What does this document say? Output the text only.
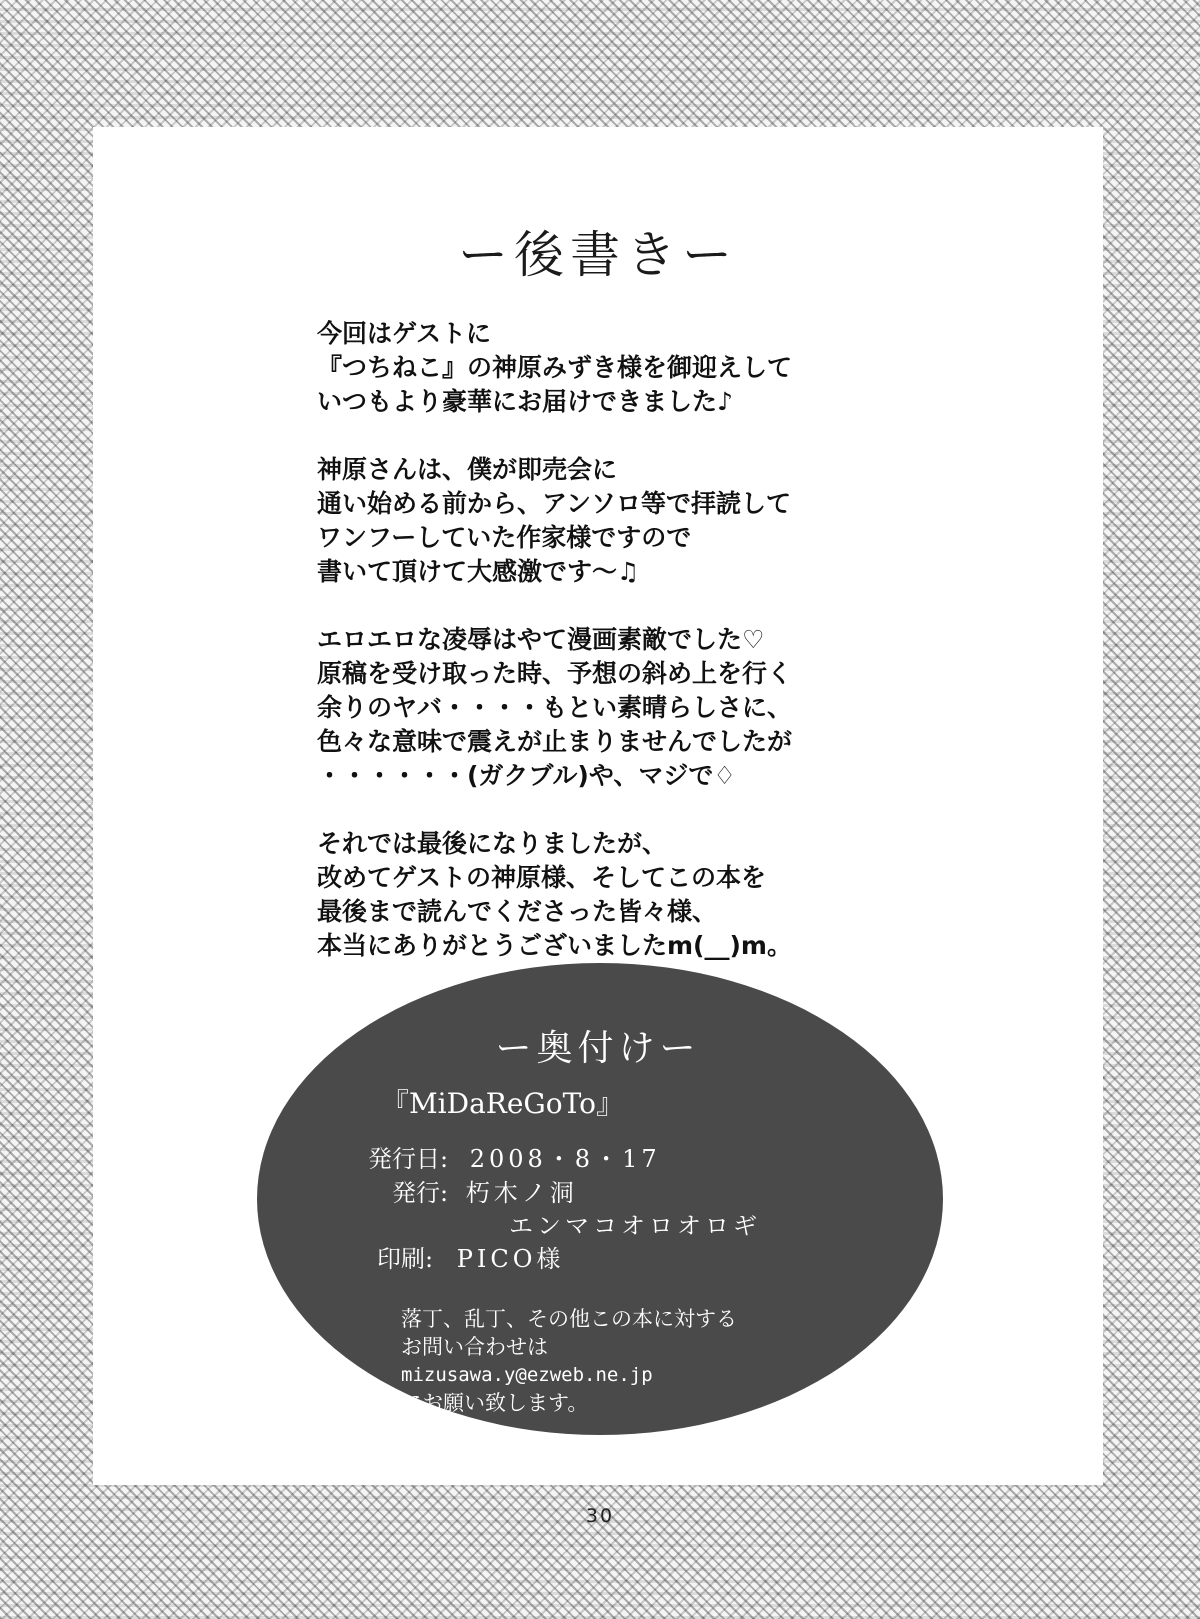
ー後書きー
今回はゲストに
『つちねこ』の神原みずき様を御迎えして
いつもより豪華にお届けできました♪
神原さんは、僕が即売会に
通い始める前から、アンソロ等で拝読して
ワンフーしていた作家様ですので
書いて頂けて大感激です～♫
エロエロな凌辱はやて漫画素敵でした♡
原稿を受け取った時、予想の斜め上を行く
余りのヤバ・・・・もとい素晴らしさに、
色々な意味で震えが止まりませんでしたが
・・・・・・(ガクブル)や、マジで♢
それでは最後になりましたが、
改めてゲストの神原様、そしてこの本を
最後まで読んでくださった皆々様、
本当にありがとうございましたm(__)m。
ー奥付けー
『MiDaReGoTo』
発行日: 2008・8・17
発行: 朽木ノ洞
エンマコオロオロギ
印刷: PICO様
落丁、乱丁、その他この本に対する
お問い合わせは
mizusawa.y@ezweb.ne.jp
にお願い致します。
30
